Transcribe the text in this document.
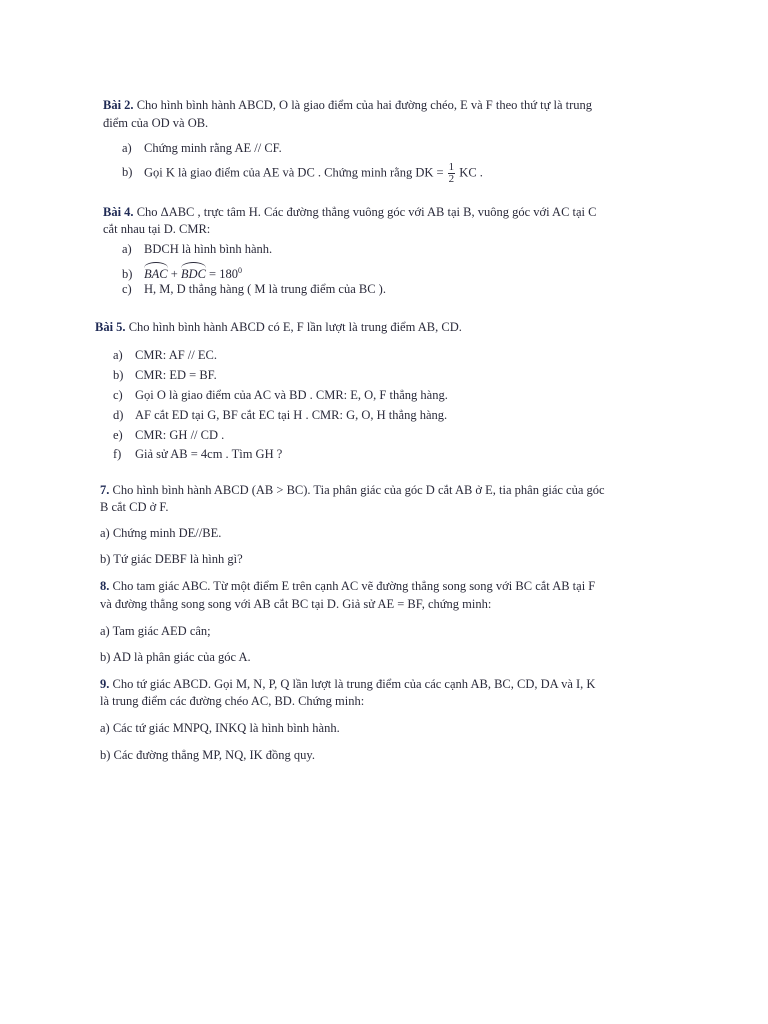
Bài 2. Cho hình bình hành ABCD, O là giao điểm của hai đường chéo, E và F theo thứ tự là trung
điểm của OD và OB.
a) Chứng minh rằng AE // CF.
b) Gọi K là giao điểm của AE và DC . Chứng minh rằng DK = $\frac{1}{2}$ KC .
Bài 4. Cho ΔABC , trực tâm H. Các đường thẳng vuông góc với AB tại B, vuông góc với AC tại C
cắt nhau tại D. CMR:
a) BDCH là hình bình hành.
b) BAC + BDC = $180^0$
c) H, M, D thẳng hàng ( M là trung điểm của BC ).
Bài 5. Cho hình bình hành ABCD có E, F lần lượt là trung điểm AB, CD.
a) CMR: AF // EC.
b) CMR: ED = BF.
c) Gọi O là giao điểm của AC và BD . CMR: E, O, F thẳng hàng.
d) AF cắt ED tại G, BF cắt EC tại H . CMR: G, O, H thẳng hàng.
e) CMR: GH // CD .
f) Giả sử AB = 4cm . Tìm GH ?
7. Cho hình bình hành ABCD (AB > BC). Tia phân giác của góc D cắt AB ở E, tia phân giác của góc
B cắt CD ở F.
a) Chứng minh DE//BE.
b) Tứ giác DEBF là hình gì?
8. Cho tam giác ABC. Từ một điểm E trên cạnh AC vẽ đường thẳng song song với BC cắt AB tại F
và đường thẳng song song với AB cắt BC tại D. Giả sử AE = BF, chứng minh:
a) Tam giác AED cân;
b) AD là phân giác của góc A.
9. Cho tứ giác ABCD. Gọi M, N, P, Q lần lượt là trung điểm của các cạnh AB, BC, CD, DA và I, K
là trung điểm các đường chéo AC, BD. Chứng minh:
a) Các tứ giác MNPQ, INKQ là hình bình hành.
b) Các đường thẳng MP, NQ, IK đồng quy.
